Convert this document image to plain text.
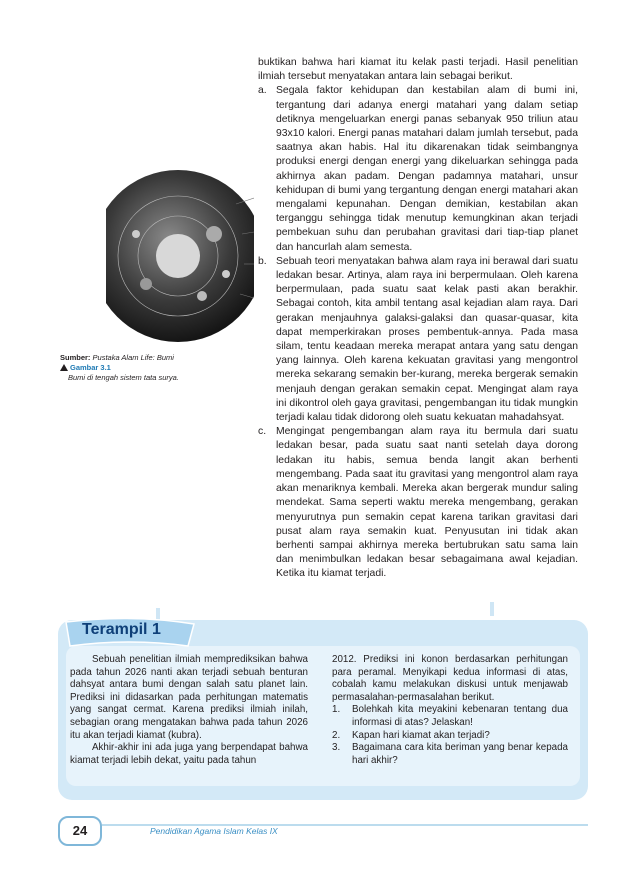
Sumber: Pustaka Alam Life: Bumi
Gambar 3.1
Bumi di tengah sistem tata surya.

buktikan bahwa hari kiamat itu kelak pasti terjadi. Hasil penelitian ilmiah tersebut menyatakan antara lain sebagai berikut.

a. Segala faktor kehidupan dan kestabilan alam di bumi ini, tergantung dari adanya energi matahari yang dalam setiap detiknya mengeluarkan energi panas sebanyak 950 triliun atau 93x10 kalori. Energi panas matahari dalam jumlah tersebut, pada saatnya akan habis. Hal itu dikarenakan tidak seimbangnya produksi energi dengan energi yang dikeluarkan sehingga pada akhirnya akan padam. Dengan padamnya matahari, unsur kehidupan di bumi yang tergantung dengan energi matahari akan mengalami kepunahan. Dengan demikian, kestabilan akan terganggu sehingga tidak menutup kemungkinan akan terjadi pembekuan suhu dan perubahan gravitasi dari tiap-tiap planet dan hancurlah alam semesta.
b. Sebuah teori menyatakan bahwa alam raya ini berawal dari suatu ledakan besar. Artinya, alam raya ini berpermulaan. Oleh karena berpermulaan, pada suatu saat kelak pasti akan berakhir. Sebagai contoh, kita ambil tentang asal kejadian alam raya. Dari gerakan menjauhnya galaksi-galaksi dan quasar-quasar, kita dapat memperkirakan proses pembentuk-annya. Pada masa silam, tentu keadaan mereka merapat antara yang satu dengan yang lainnya. Oleh karena kekuatan gravitasi yang mengontrol mereka sekarang semakin ber-kurang, mereka bergerak semakin menjauh dengan gerakan semakin cepat. Mengingat alam raya ini dikontrol oleh gaya gravitasi, pengembangan itu tidak mungkin terjadi kalau tidak didorong oleh suatu kekuatan mahadahsyat.
c. Mengingat pengembangan alam raya itu bermula dari suatu ledakan besar, pada suatu saat nanti setelah daya dorong ledakan itu habis, semua benda langit akan berhenti mengembang. Pada saat itu gravitasi yang mengontrol alam raya akan menariknya kembali. Mereka akan bergerak mundur saling mendekat. Sama seperti waktu mereka mengembang, gerakan menyurutnya pun semakin cepat karena tarikan gravitasi dari pusat alam raya semakin kuat. Penyusutan ini tidak akan berhenti sampai akhirnya mereka bertubrukan satu sama lain dan menimbulkan ledakan besar sebagaimana awal kejadian. Ketika itu kiamat terjadi.
Terampil 1

Sebuah penelitian ilmiah memprediksikan bahwa pada tahun 2026 nanti akan terjadi sebuah benturan dahsyat antara bumi dengan salah satu planet lain. Prediksi ini didasarkan pada perhitungan matematis yang sangat cermat. Karena prediksi ilmiah inilah, sebagian orang mengatakan bahwa pada tahun 2026 itu akan terjadi kiamat (kubra).

Akhir-akhir ini ada juga yang berpendapat bahwa kiamat terjadi lebih dekat, yaitu pada tahun

2012. Prediksi ini konon berdasarkan perhitungan para peramal. Menyikapi kedua informasi di atas, cobalah kamu melakukan diskusi untuk menjawab permasalahan-permasalahan berikut.

1.	Bolehkah kita meyakini kebenaran tentang dua informasi di atas? Jelaskan!
2.	Kapan hari kiamat akan terjadi?
3.	Bagaimana cara kita beriman yang benar kepada hari akhir?
24	Pendidikan Agama Islam Kelas IX
